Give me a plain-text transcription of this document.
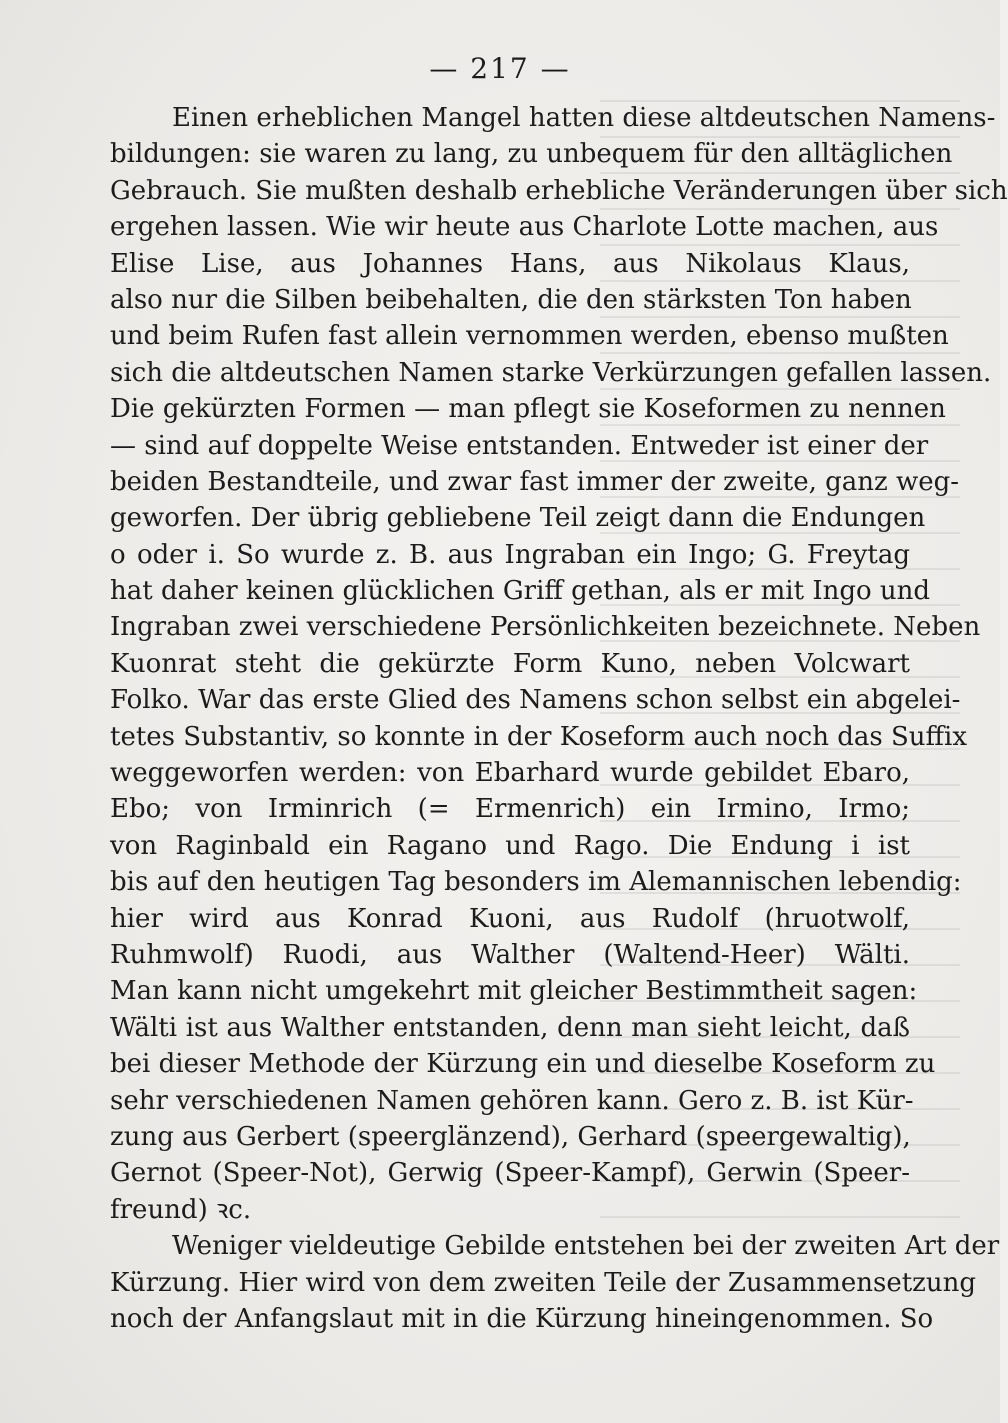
— 217 —
Einen erheblichen Mangel hatten diese altdeutschen Namens-
bildungen: sie waren zu lang, zu unbequem für den alltäglichen
Gebrauch. Sie mußten deshalb erhebliche Veränderungen über sich
ergehen lassen. Wie wir heute aus Charlote Lotte machen, aus
Elise Lise, aus Johannes Hans, aus Nikolaus Klaus,
also nur die Silben beibehalten, die den stärksten Ton haben
und beim Rufen fast allein vernommen werden, ebenso mußten
sich die altdeutschen Namen starke Verkürzungen gefallen lassen.
Die gekürzten Formen — man pflegt sie Koseformen zu nennen
— sind auf doppelte Weise entstanden. Entweder ist einer der
beiden Bestandteile, und zwar fast immer der zweite, ganz weg-
geworfen. Der übrig gebliebene Teil zeigt dann die Endungen
o oder i. So wurde z. B. aus Ingraban ein Ingo; G. Freytag
hat daher keinen glücklichen Griff gethan, als er mit Ingo und
Ingraban zwei verschiedene Persönlichkeiten bezeichnete. Neben
Kuonrat steht die gekürzte Form Kuno, neben Volcwart
Folko. War das erste Glied des Namens schon selbst ein abgelei-
tetes Substantiv, so konnte in der Koseform auch noch das Suffix
weggeworfen werden: von Ebarhard wurde gebildet Ebaro,
Ebo; von Irminrich (= Ermenrich) ein Irmino, Irmo;
von Raginbald ein Ragano und Rago. Die Endung i ist
bis auf den heutigen Tag besonders im Alemannischen lebendig:
hier wird aus Konrad Kuoni, aus Rudolf (hruotwolf,
Ruhmwolf) Ruodi, aus Walther (Waltend-Heer) Wälti.
Man kann nicht umgekehrt mit gleicher Bestimmtheit sagen:
Wälti ist aus Walther entstanden, denn man sieht leicht, daß
bei dieser Methode der Kürzung ein und dieselbe Koseform zu
sehr verschiedenen Namen gehören kann. Gero z. B. ist Kür-
zung aus Gerbert (speerglänzend), Gerhard (speergewaltig),
Gernot (Speer-Not), Gerwig (Speer-Kampf), Gerwin (Speer-
freund) ꝛc.
Weniger vieldeutige Gebilde entstehen bei der zweiten Art der
Kürzung. Hier wird von dem zweiten Teile der Zusammensetzung
noch der Anfangslaut mit in die Kürzung hineingenommen. So
